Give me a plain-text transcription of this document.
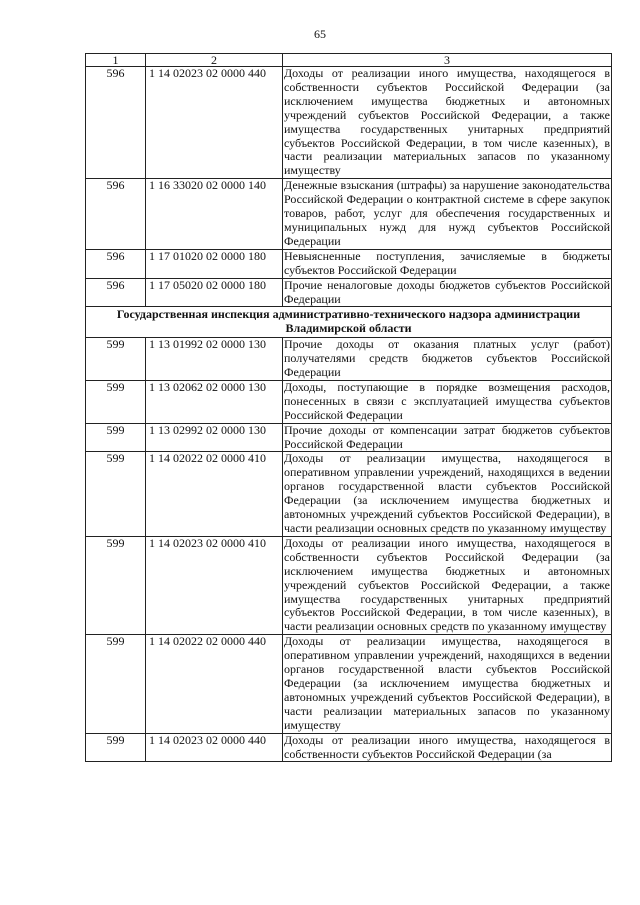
65
1	2	3
596	1 14 02023 02 0000 440	Доходы от реализации иного имущества, находящегося в собственности субъектов Российской Федерации (за исключением имущества бюджетных и автономных учреждений субъектов Российской Федерации, а также имущества государственных унитарных предприятий субъектов Российской Федерации, в том числе казенных), в части реализации материальных запасов по указанному имуществу
596	1 16 33020 02 0000 140	Денежные взыскания (штрафы) за нарушение законодательства Российской Федерации о контрактной системе в сфере закупок товаров, работ, услуг для обеспечения государственных и муниципальных нужд для нужд субъектов Российской Федерации
596	1 17 01020 02 0000 180	Невыясненные поступления, зачисляемые в бюджеты субъектов Российской Федерации
596	1 17 05020 02 0000 180	Прочие неналоговые доходы бюджетов субъектов Российской Федерации
Государственная инспекция административно-технического надзора администрации Владимирской области		
599	1 13 01992 02 0000 130	Прочие доходы от оказания платных услуг (работ) получателями средств бюджетов субъектов Российской Федерации
599	1 13 02062 02 0000 130	Доходы, поступающие в порядке возмещения расходов, понесенных в связи с эксплуатацией имущества субъектов Российской Федерации
599	1 13 02992 02 0000 130	Прочие доходы от компенсации затрат бюджетов субъектов Российской Федерации
599	1 14 02022 02 0000 410	Доходы от реализации имущества, находящегося в оперативном управлении учреждений, находящихся в ведении органов государственной власти субъектов Российской Федерации (за исключением имущества бюджетных и автономных учреждений субъектов Российской Федерации), в части реализации основных средств по указанному имуществу
599	1 14 02023 02 0000 410	Доходы от реализации иного имущества, находящегося в собственности субъектов Российской Федерации (за исключением имущества бюджетных и автономных учреждений субъектов Российской Федерации, а также имущества государственных унитарных предприятий субъектов Российской Федерации, в том числе казенных), в части реализации основных средств по указанному имуществу
599	1 14 02022 02 0000 440	Доходы от реализации имущества, находящегося в оперативном управлении учреждений, находящихся в ведении органов государственной власти субъектов Российской Федерации (за исключением имущества бюджетных и автономных учреждений субъектов Российской Федерации), в части реализации материальных запасов по указанному имуществу
599	1 14 02023 02 0000 440	Доходы от реализации иного имущества, находящегося в собственности субъектов Российской Федерации (за
